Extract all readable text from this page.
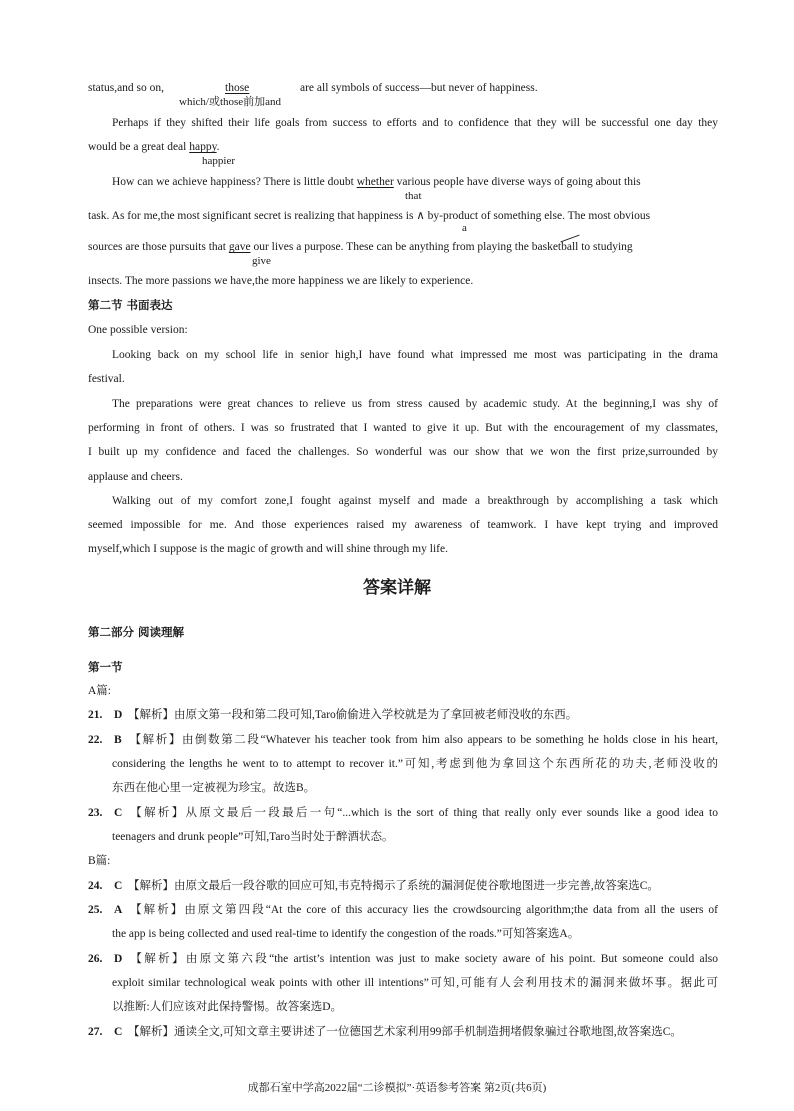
status,and so on,	those	are all symbols of success—but never of happiness.
which/或those前加and
Perhaps if they shifted their life goals from success to efforts and to confidence that they will be successful one day they
would be a great deal happy.
happier
How can we achieve happiness? There is little doubt whether various people have diverse ways of going about this
that
task. As for me,the most significant secret is realizing that happiness is ∧ by-product of something else. The most obvious
a
sources are those pursuits that gave our lives a purpose. These can be anything from playing the basketball to studying
give
insects. The more passions we have,the more happiness we are likely to experience.
第二节 书面表达
One possible version:
Looking back on my school life in senior high,I have found what impressed me most was participating in the drama
festival.
The preparations were great chances to relieve us from stress caused by academic study. At the beginning,I was shy of
performing in front of others. I was so frustrated that I wanted to give it up. But with the encouragement of my classmates,
I built up my confidence and faced the challenges. So wonderful was our show that we won the first prize,surrounded by
applause and cheers.
Walking out of my comfort zone,I fought against myself and made a breakthrough by accomplishing a task which
seemed impossible for me. And those experiences raised my awareness of teamwork. I have kept trying and improved
myself,which I suppose is the magic of growth and will shine through my life.
答案详解
第二部分 阅读理解
第一节
A篇:
21. D 【解析】由原文第一段和第二段可知,Taro偷偷进入学校就是为了拿回被老师没收的东西。
22. B 【解析】由倒数第二段“Whatever his teacher took from him also appears to be something he holds close in his heart,
considering the lengths he went to to attempt to recover it.”可知,考虑到他为拿回这个东西所花的功夫,老师没收的
东西在他心里一定被视为珍宝。故选B。
23. C 【解析】从原文最后一段最后一句“...which is the sort of thing that really only ever sounds like a good idea to
teenagers and drunk people”可知,Taro当时处于醉酒状态。
B篇:
24. C 【解析】由原文最后一段谷歌的回应可知,韦克特揭示了系统的漏洞促使谷歌地图进一步完善,故答案选C。
25. A 【解析】由原文第四段“At the core of this accuracy lies the crowdsourcing algorithm;the data from all the users of
the app is being collected and used real-time to identify the congestion of the roads.”可知答案选A。
26. D 【解析】由原文第六段“the artist’s intention was just to make society aware of his point. But someone could also
exploit similar technological weak points with other ill intentions”可知,可能有人会利用技术的漏洞来做坏事。据此可
以推断:人们应该对此保持警惕。故答案选D。
27. C 【解析】通读全文,可知文章主要讲述了一位德国艺术家利用99部手机制造拥堵假象骗过谷歌地图,故答案选C。
成都石室中学高2022届“二诊模拟”·英语参考答案 第2页(共6页)
